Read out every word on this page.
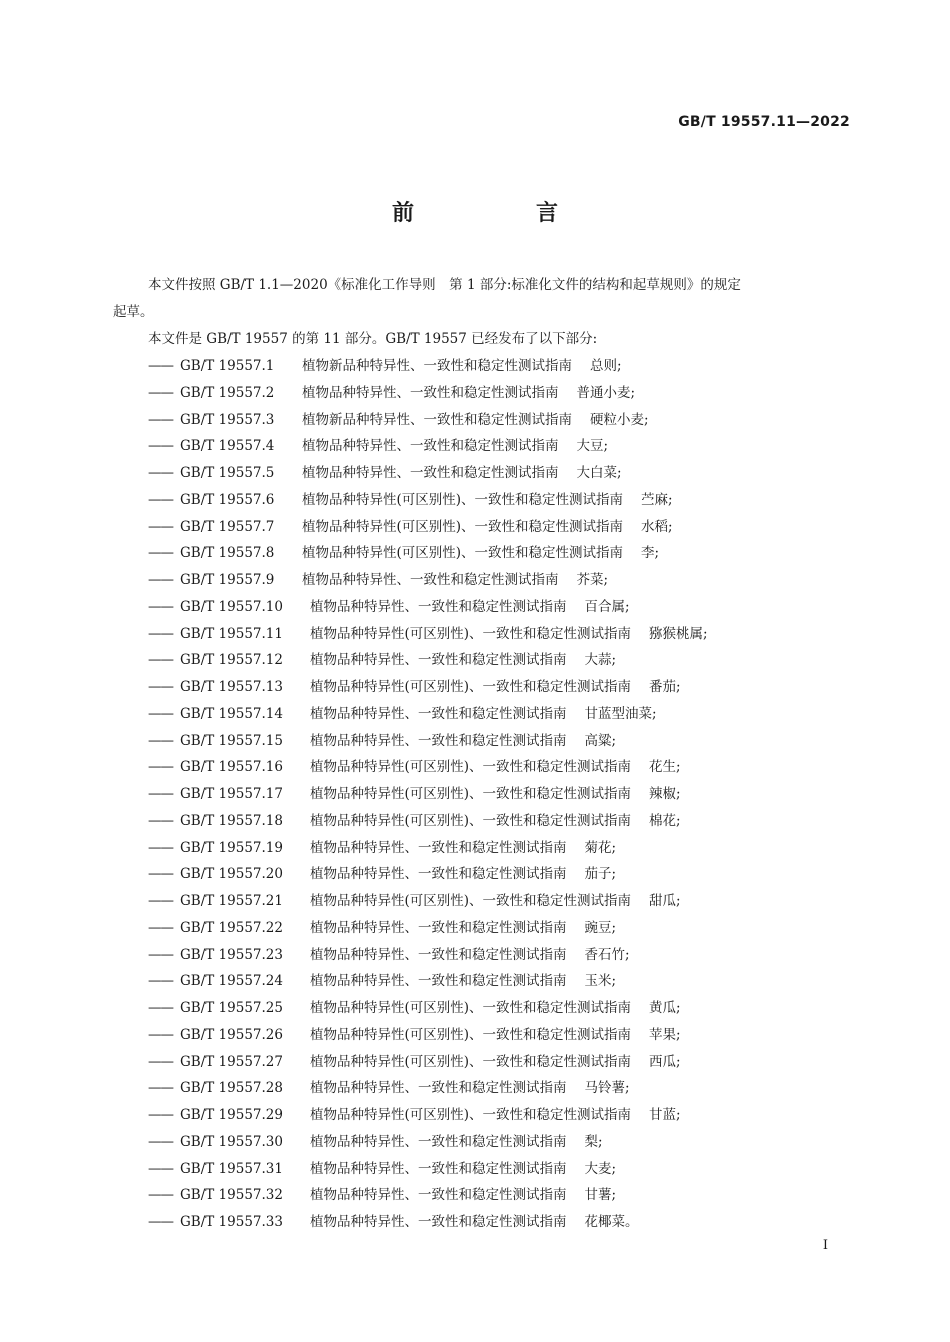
GB/T 19557.11—2022
前　言
本文件按照 GB/T 1.1—2020《标准化工作导则　第 1 部分:标准化文件的结构和起草规则》的规定
起草。
本文件是 GB/T 19557 的第 11 部分。GB/T 19557 已经发布了以下部分:
—— GB/T 19557.1 植物新品种特异性、一致性和稳定性测试指南 总则;
—— GB/T 19557.2 植物品种特异性、一致性和稳定性测试指南 普通小麦;
—— GB/T 19557.3 植物新品种特异性、一致性和稳定性测试指南 硬粒小麦;
—— GB/T 19557.4 植物品种特异性、一致性和稳定性测试指南 大豆;
—— GB/T 19557.5 植物品种特异性、一致性和稳定性测试指南 大白菜;
—— GB/T 19557.6 植物品种特异性(可区别性)、一致性和稳定性测试指南 苎麻;
—— GB/T 19557.7 植物品种特异性(可区别性)、一致性和稳定性测试指南 水稻;
—— GB/T 19557.8 植物品种特异性(可区别性)、一致性和稳定性测试指南 李;
—— GB/T 19557.9 植物品种特异性、一致性和稳定性测试指南 芥菜;
—— GB/T 19557.10 植物品种特异性、一致性和稳定性测试指南 百合属;
—— GB/T 19557.11 植物品种特异性(可区别性)、一致性和稳定性测试指南 猕猴桃属;
—— GB/T 19557.12 植物品种特异性、一致性和稳定性测试指南 大蒜;
—— GB/T 19557.13 植物品种特异性(可区别性)、一致性和稳定性测试指南 番茄;
—— GB/T 19557.14 植物品种特异性、一致性和稳定性测试指南 甘蓝型油菜;
—— GB/T 19557.15 植物品种特异性、一致性和稳定性测试指南 高粱;
—— GB/T 19557.16 植物品种特异性(可区别性)、一致性和稳定性测试指南 花生;
—— GB/T 19557.17 植物品种特异性(可区别性)、一致性和稳定性测试指南 辣椒;
—— GB/T 19557.18 植物品种特异性(可区别性)、一致性和稳定性测试指南 棉花;
—— GB/T 19557.19 植物品种特异性、一致性和稳定性测试指南 菊花;
—— GB/T 19557.20 植物品种特异性、一致性和稳定性测试指南 茄子;
—— GB/T 19557.21 植物品种特异性(可区别性)、一致性和稳定性测试指南 甜瓜;
—— GB/T 19557.22 植物品种特异性、一致性和稳定性测试指南 豌豆;
—— GB/T 19557.23 植物品种特异性、一致性和稳定性测试指南 香石竹;
—— GB/T 19557.24 植物品种特异性、一致性和稳定性测试指南 玉米;
—— GB/T 19557.25 植物品种特异性(可区别性)、一致性和稳定性测试指南 黄瓜;
—— GB/T 19557.26 植物品种特异性(可区别性)、一致性和稳定性测试指南 苹果;
—— GB/T 19557.27 植物品种特异性(可区别性)、一致性和稳定性测试指南 西瓜;
—— GB/T 19557.28 植物品种特异性、一致性和稳定性测试指南 马铃薯;
—— GB/T 19557.29 植物品种特异性(可区别性)、一致性和稳定性测试指南 甘蓝;
—— GB/T 19557.30 植物品种特异性、一致性和稳定性测试指南 梨;
—— GB/T 19557.31 植物品种特异性、一致性和稳定性测试指南 大麦;
—— GB/T 19557.32 植物品种特异性、一致性和稳定性测试指南 甘薯;
—— GB/T 19557.33 植物品种特异性、一致性和稳定性测试指南 花椰菜。
I
